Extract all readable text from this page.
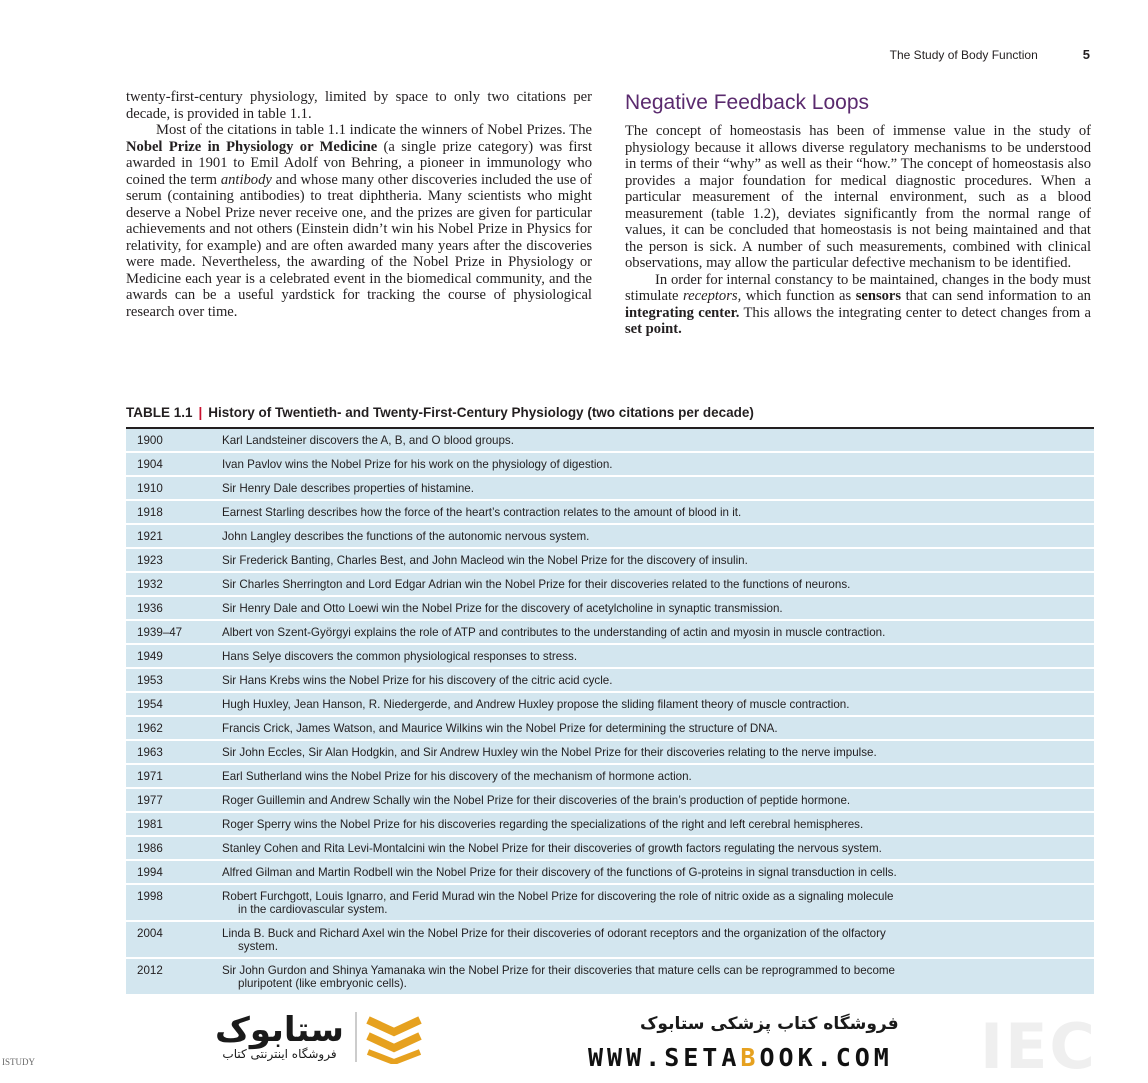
The Study of Body Function	5

twenty-first-century physiology, limited by space to only two citations per decade, is provided in table 1.1.

Most of the citations in table 1.1 indicate the winners of Nobel Prizes. The Nobel Prize in Physiology or Medicine (a single prize category) was first awarded in 1901 to Emil Adolf von Behring, a pioneer in immunology who coined the term antibody and whose many other discoveries included the use of serum (containing antibodies) to treat diphtheria. Many scientists who might deserve a Nobel Prize never receive one, and the prizes are given for particular achievements and not others (Einstein didn’t win his Nobel Prize in Physics for relativity, for example) and are often awarded many years after the discoveries were made. Nevertheless, the awarding of the Nobel Prize in Physiology or Medicine each year is a celebrated event in the biomedical community, and the awards can be a useful yardstick for tracking the course of physiological research over time.

Negative Feedback Loops

The concept of homeostasis has been of immense value in the study of physiology because it allows diverse regulatory mechanisms to be understood in terms of their “why” as well as their “how.” The concept of homeostasis also provides a major foundation for medical diagnostic procedures. When a particular measurement of the internal environment, such as a blood measurement (table 1.2), deviates significantly from the normal range of values, it can be concluded that homeostasis is not being maintained and that the person is sick. A number of such measurements, combined with clinical observations, may allow the particular defective mechanism to be identified.

In order for internal constancy to be maintained, changes in the body must stimulate receptors, which function as sensors that can send information to an integrating center. This allows the integrating center to detect changes from a set point.

TABLE 1.1 | History of Twentieth- and Twenty-First-Century Physiology (two citations per decade)
1900	Karl Landsteiner discovers the A, B, and O blood groups.
1904	Ivan Pavlov wins the Nobel Prize for his work on the physiology of digestion.
1910	Sir Henry Dale describes properties of histamine.
1918	Earnest Starling describes how the force of the heart’s contraction relates to the amount of blood in it.
1921	John Langley describes the functions of the autonomic nervous system.
1923	Sir Frederick Banting, Charles Best, and John Macleod win the Nobel Prize for the discovery of insulin.
1932	Sir Charles Sherrington and Lord Edgar Adrian win the Nobel Prize for their discoveries related to the functions of neurons.
1936	Sir Henry Dale and Otto Loewi win the Nobel Prize for the discovery of acetylcholine in synaptic transmission.
1939–47	Albert von Szent-Györgyi explains the role of ATP and contributes to the understanding of actin and myosin in muscle contraction.
1949	Hans Selye discovers the common physiological responses to stress.
1953	Sir Hans Krebs wins the Nobel Prize for his discovery of the citric acid cycle.
1954	Hugh Huxley, Jean Hanson, R. Niedergerde, and Andrew Huxley propose the sliding filament theory of muscle contraction.
1962	Francis Crick, James Watson, and Maurice Wilkins win the Nobel Prize for determining the structure of DNA.
1963	Sir John Eccles, Sir Alan Hodgkin, and Sir Andrew Huxley win the Nobel Prize for their discoveries relating to the nerve impulse.
1971	Earl Sutherland wins the Nobel Prize for his discovery of the mechanism of hormone action.
1977	Roger Guillemin and Andrew Schally win the Nobel Prize for their discoveries of the brain’s production of peptide hormone.
1981	Roger Sperry wins the Nobel Prize for his discoveries regarding the specializations of the right and left cerebral hemispheres.
1986	Stanley Cohen and Rita Levi-Montalcini win the Nobel Prize for their discoveries of growth factors regulating the nervous system.
1994	Alfred Gilman and Martin Rodbell win the Nobel Prize for their discovery of the functions of G-proteins in signal transduction in cells.
1998	Robert Furchgott, Louis Ignarro, and Ferid Murad win the Nobel Prize for discovering the role of nitric oxide as a signaling molecule
in the cardiovascular system.
2004	Linda B. Buck and Richard Axel win the Nobel Prize for their discoveries of odorant receptors and the organization of the olfactory
system.
2012	Sir John Gurdon and Shinya Yamanaka win the Nobel Prize for their discoveries that mature cells can be reprogrammed to become
pluripotent (like embryonic cells).
IEC
ستابوک
فروشگاه اینترنتی کتاب
فروشگاه کتاب پزشکی ستابوک
WWW.SETABOOK.COM
ISTUDY
